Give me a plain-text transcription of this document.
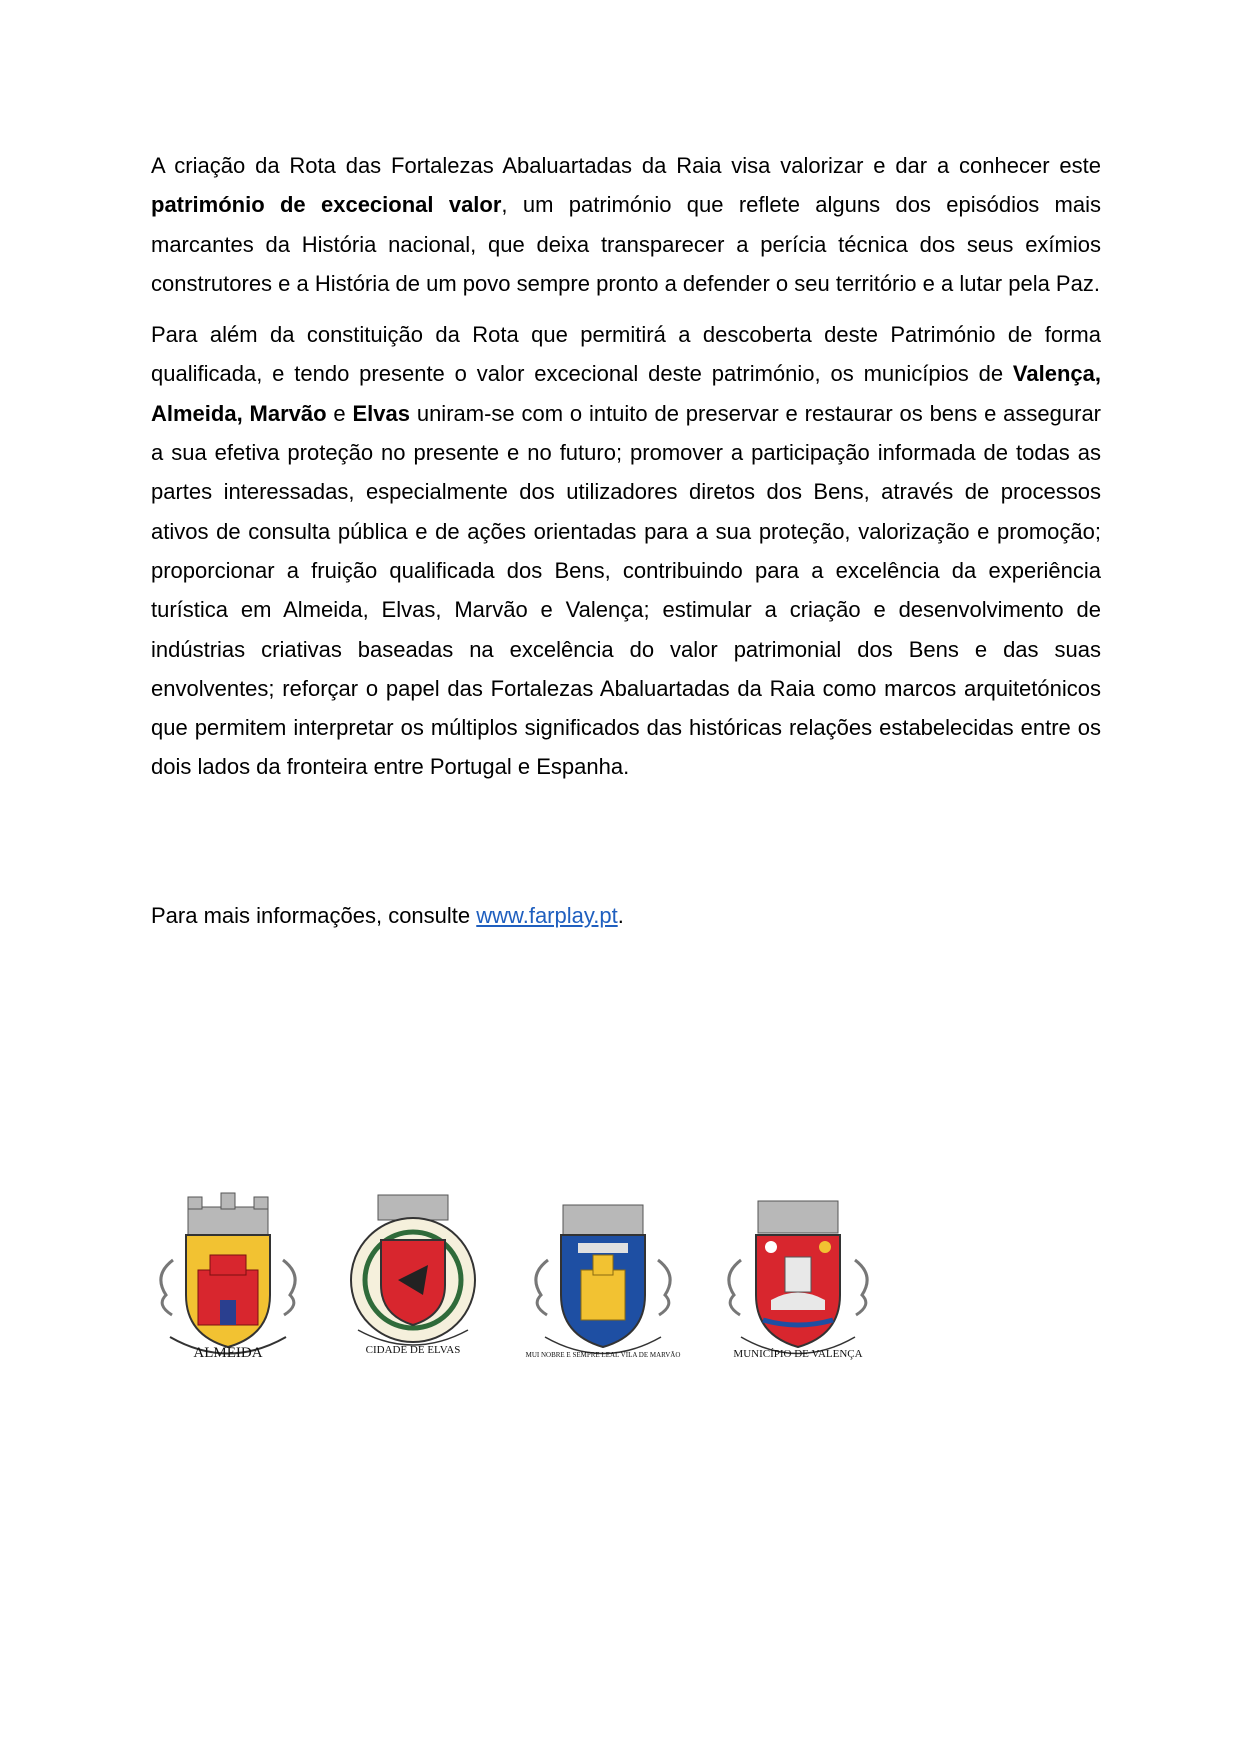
A criação da Rota das Fortalezas Abaluartadas da Raia visa valorizar e dar a conhecer este património de excecional valor, um património que reflete alguns dos episódios mais marcantes da História nacional, que deixa transparecer a perícia técnica dos seus exímios construtores e a História de um povo sempre pronto a defender o seu território e a lutar pela Paz.

Para além da constituição da Rota que permitirá a descoberta deste Património de forma qualificada, e tendo presente o valor excecional deste património, os municípios de Valença, Almeida, Marvão e Elvas uniram-se com o intuito de preservar e restaurar os bens e assegurar a sua efetiva proteção no presente e no futuro; promover a participação informada de todas as partes interessadas, especialmente dos utilizadores diretos dos Bens, através de processos ativos de consulta pública e de ações orientadas para a sua proteção, valorização e promoção; proporcionar a fruição qualificada dos Bens, contribuindo para a excelência da experiência turística em Almeida, Elvas, Marvão e Valença; estimular a criação e desenvolvimento de indústrias criativas baseadas na excelência do valor patrimonial dos Bens e das suas envolventes; reforçar o papel das Fortalezas Abaluartadas da Raia como marcos arquitetónicos que permitem interpretar os múltiplos significados das históricas relações estabelecidas entre os dois lados da fronteira entre Portugal e Espanha.

Para mais informações, consulte www.farplay.pt.
ALMEIDA	CIDADE DE ELVAS	MUI NOBRE E SEMPRE LEAL VILA DE MARVÃO	MUNICÍPIO DE VALENÇA
